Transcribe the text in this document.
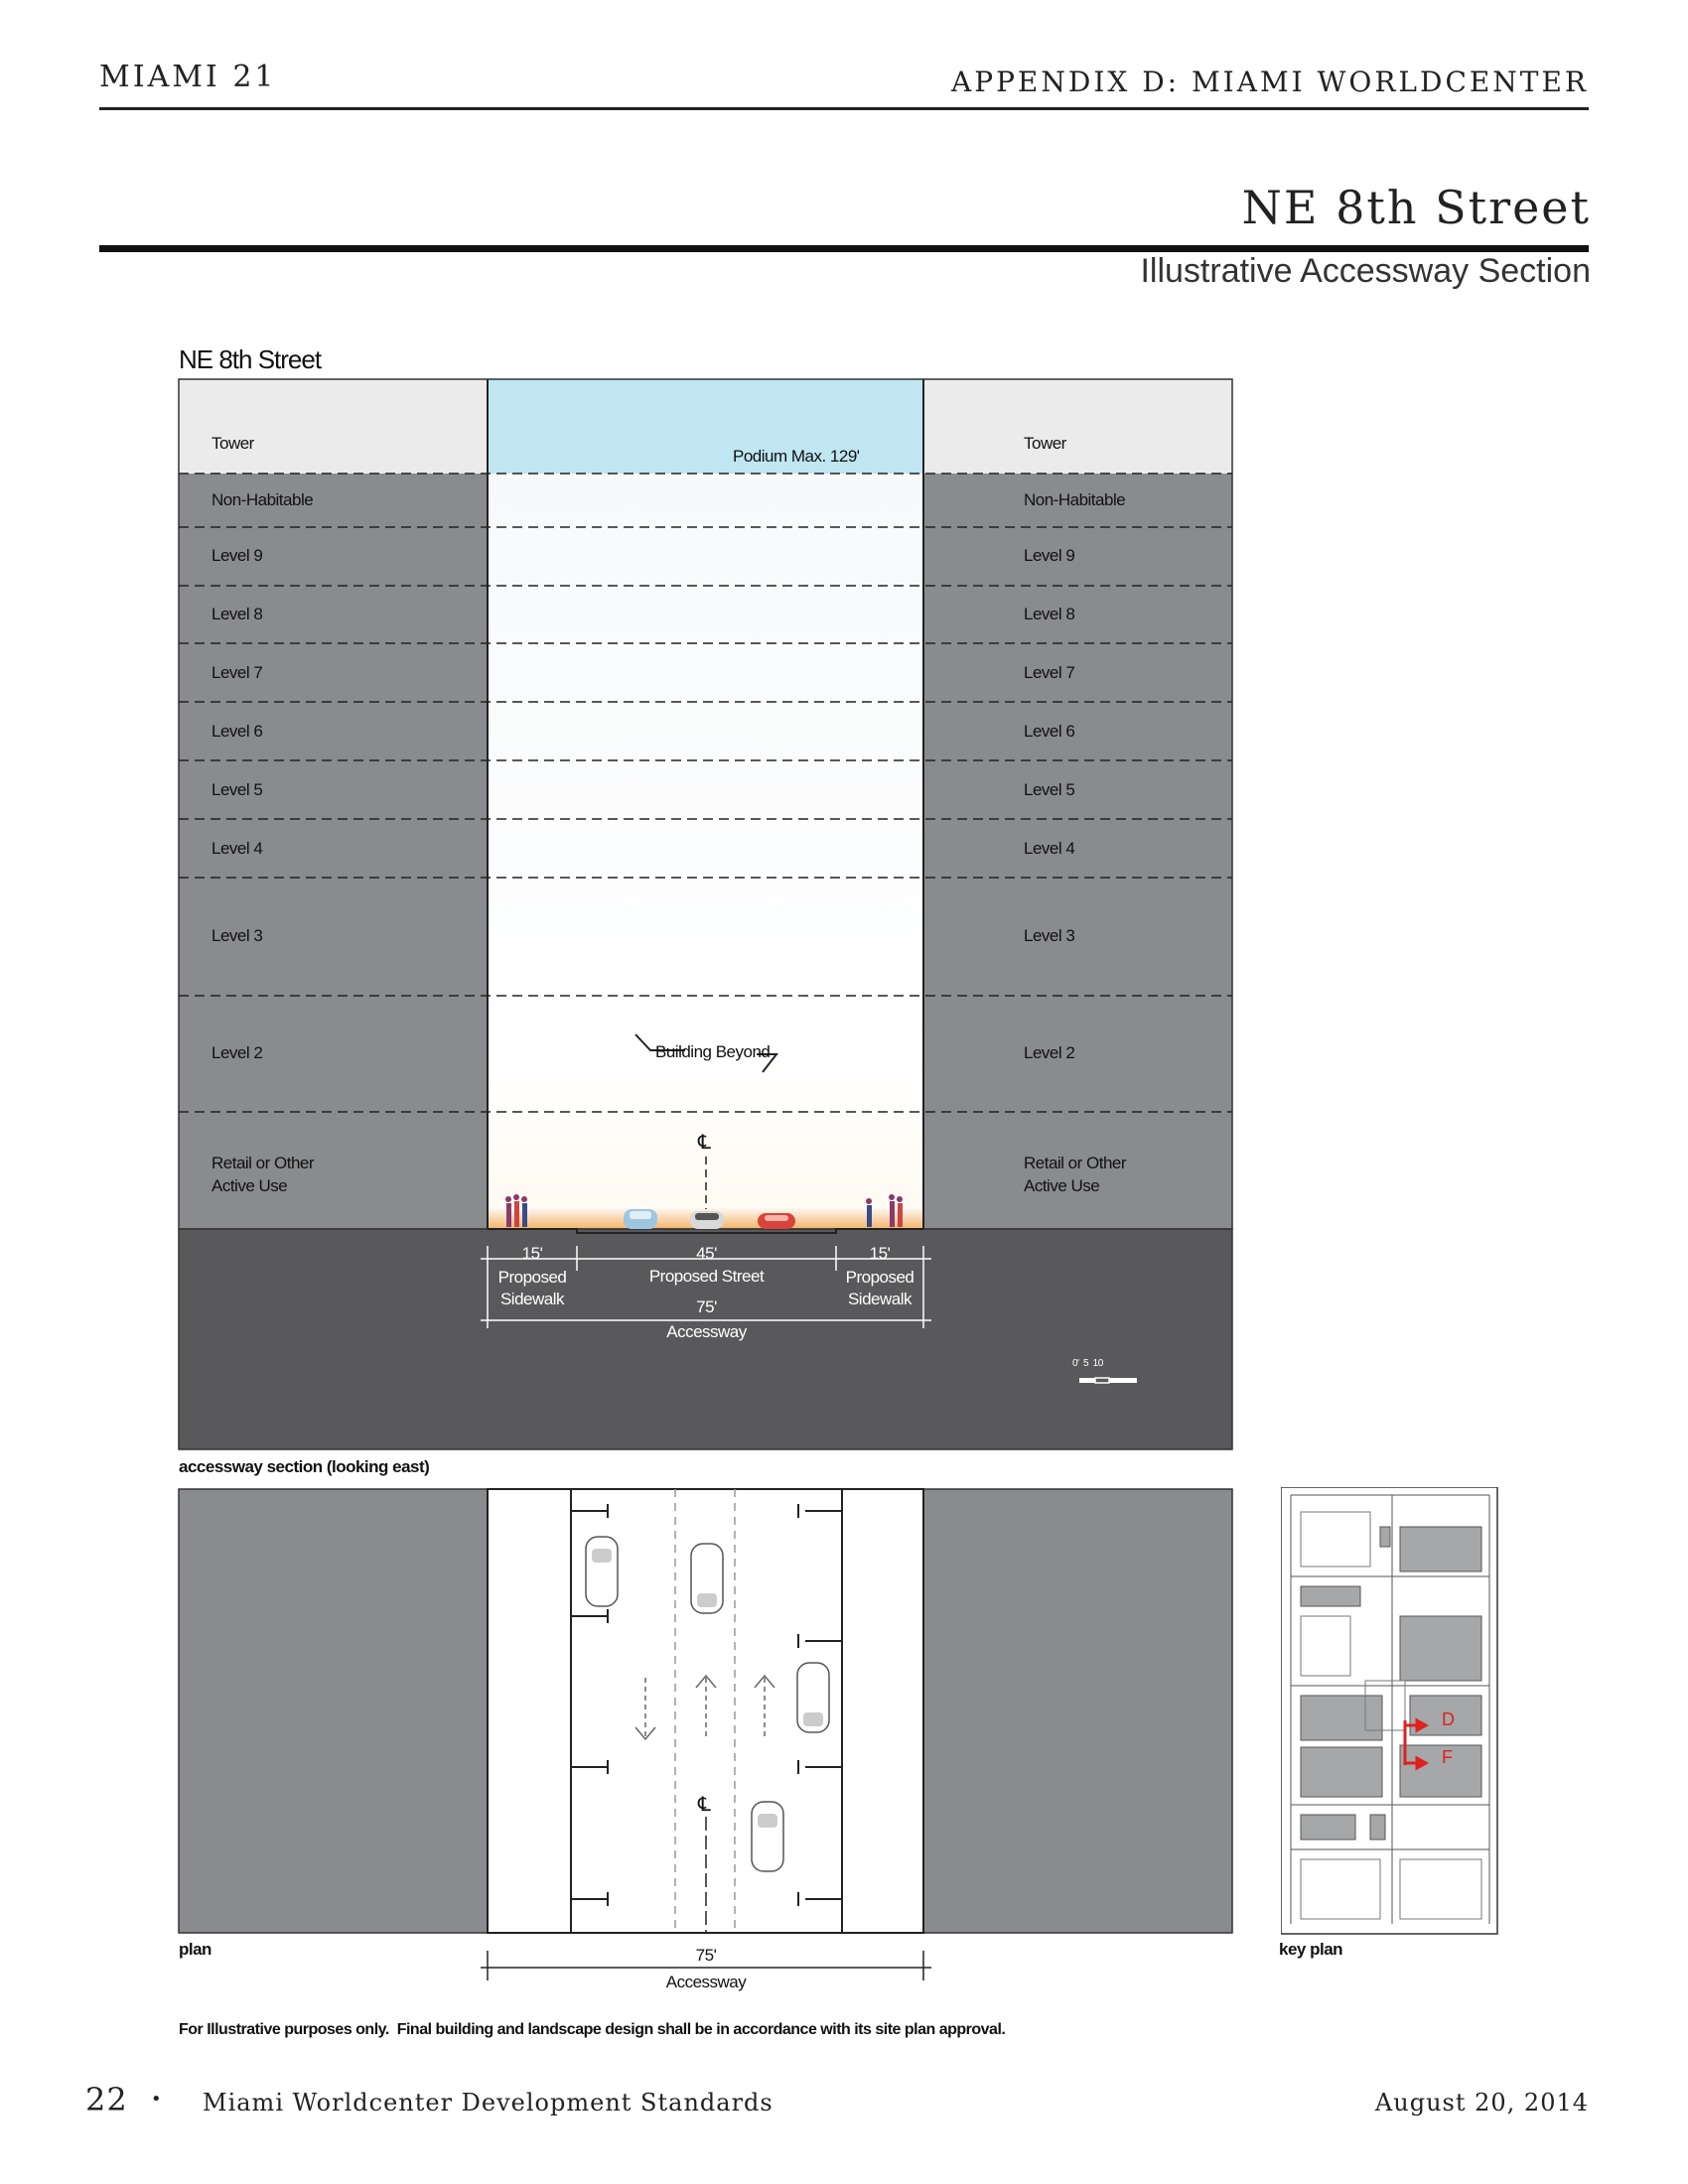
MIAMI 21	APPENDIX D: MIAMI WORLDCENTER
NE 8th Street
Illustrative Accessway Section
NE 8th Street
Tower
Non-Habitable
Level 9
Level 8
Level 7
Level 6
Level 5
Level 4
Level 3
Level 2
Retail or Other Active Use
Tower
Non-Habitable
Level 9
Level 8
Level 7
Level 6
Level 5
Level 4
Level 3
Level 2
Retail or Other Active Use
Podium Max. 129'
Building Beyond
℄
15'
Proposed Sidewalk
45'
Proposed Street
15'
Proposed Sidewalk
75'
Accessway
0'  5  10
accessway section (looking east)
℄
plan	75'
Accessway
D
F
key plan
For Illustrative purposes only.  Final building and landscape design shall be in accordance with its site plan approval.
22 • Miami Worldcenter Development Standards	August 20, 2014
